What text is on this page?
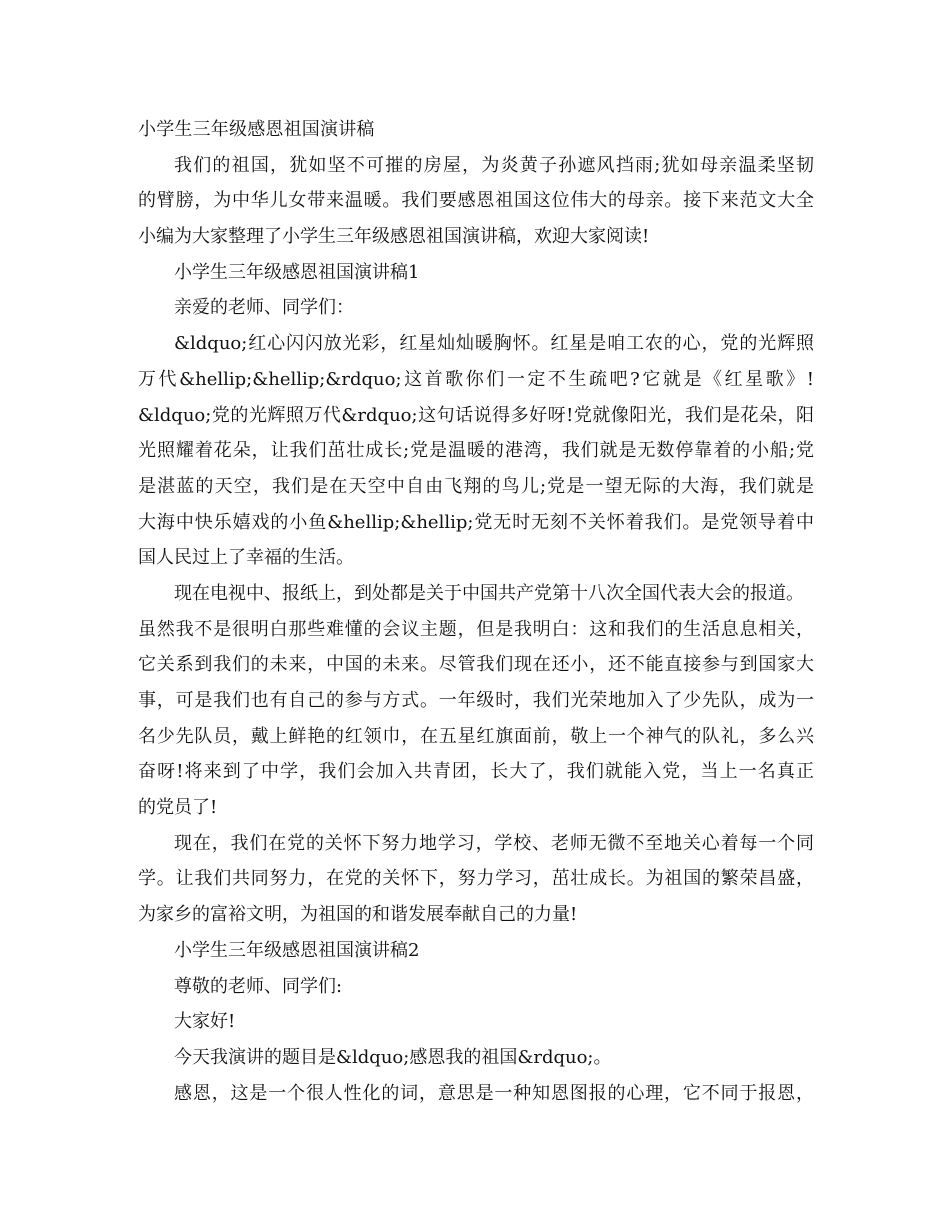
小学生三年级感恩祖国演讲稿
我们的祖国，犹如坚不可摧的房屋，为炎黄子孙遮风挡雨;犹如母亲温柔坚韧
的臂膀，为中华儿女带来温暖。我们要感恩祖国这位伟大的母亲。接下来范文大全
小编为大家整理了小学生三年级感恩祖国演讲稿，欢迎大家阅读!
小学生三年级感恩祖国演讲稿1
亲爱的老师、同学们：
&ldquo;红心闪闪放光彩，红星灿灿暖胸怀。红星是咱工农的心，党的光辉照
万代&hellip;&hellip;&rdquo;这首歌你们一定不生疏吧?它就是《红星歌》!
&ldquo;党的光辉照万代&rdquo;这句话说得多好呀!党就像阳光，我们是花朵，阳
光照耀着花朵，让我们茁壮成长;党是温暖的港湾，我们就是无数停靠着的小船;党
是湛蓝的天空，我们是在天空中自由飞翔的鸟儿;党是一望无际的大海，我们就是
大海中快乐嬉戏的小鱼&hellip;&hellip;党无时无刻不关怀着我们。是党领导着中
国人民过上了幸福的生活。
现在电视中、报纸上，到处都是关于中国共产党第十八次全国代表大会的报道。
虽然我不是很明白那些难懂的会议主题，但是我明白：这和我们的生活息息相关，
它关系到我们的未来，中国的未来。尽管我们现在还小，还不能直接参与到国家大
事，可是我们也有自己的参与方式。一年级时，我们光荣地加入了少先队，成为一
名少先队员，戴上鲜艳的红领巾，在五星红旗面前，敬上一个神气的队礼，多么兴
奋呀!将来到了中学，我们会加入共青团，长大了，我们就能入党，当上一名真正
的党员了!
现在，我们在党的关怀下努力地学习，学校、老师无微不至地关心着每一个同
学。让我们共同努力，在党的关怀下，努力学习，茁壮成长。为祖国的繁荣昌盛，
为家乡的富裕文明，为祖国的和谐发展奉献自己的力量!
小学生三年级感恩祖国演讲稿2
尊敬的老师、同学们:
大家好!
今天我演讲的题目是&ldquo;感恩我的祖国&rdquo;。
感恩，这是一个很人性化的词，意思是一种知恩图报的心理，它不同于报恩，
